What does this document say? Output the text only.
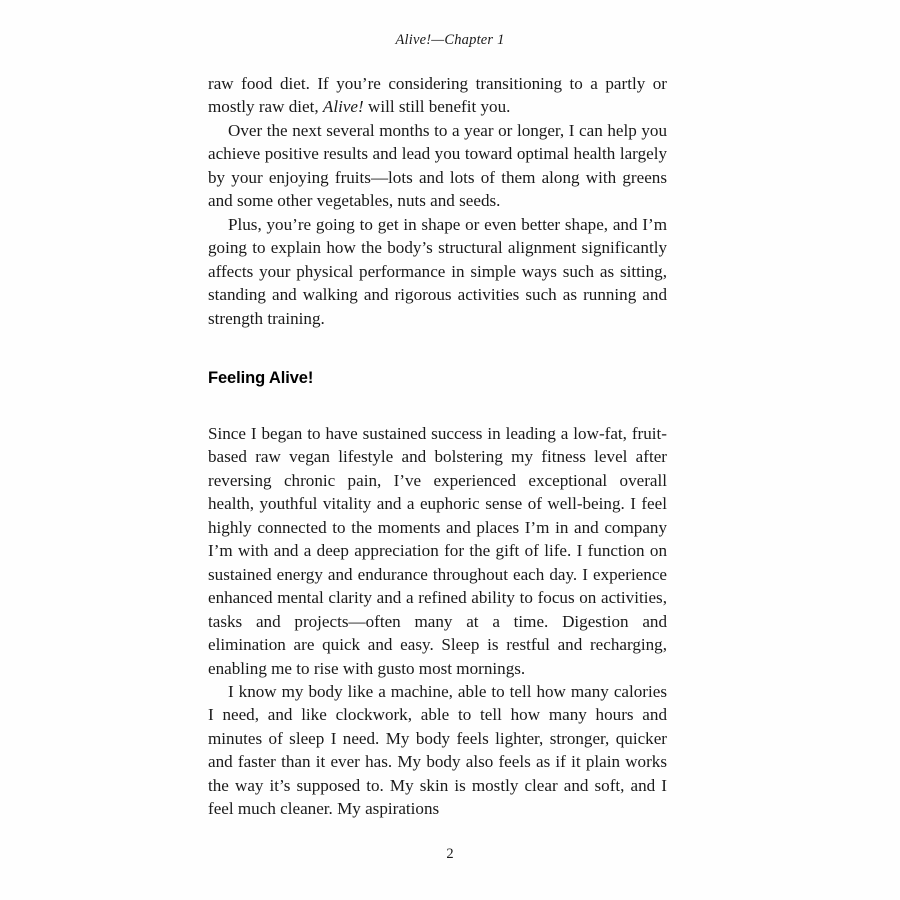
Alive!—Chapter 1

raw food diet. If you’re considering transitioning to a partly or mostly raw diet, Alive! will still benefit you.

Over the next several months to a year or longer, I can help you achieve positive results and lead you toward optimal health largely by your enjoying fruits—lots and lots of them along with greens and some other vegetables, nuts and seeds.

Plus, you’re going to get in shape or even better shape, and I’m going to explain how the body’s structural alignment significantly affects your physical performance in simple ways such as sitting, standing and walking and rigorous activities such as running and strength training.

Feeling Alive!

Since I began to have sustained success in leading a low-fat, fruit-based raw vegan lifestyle and bolstering my fitness level after reversing chronic pain, I’ve experienced exceptional overall health, youthful vitality and a euphoric sense of well-being. I feel highly connected to the moments and places I’m in and company I’m with and a deep appreciation for the gift of life. I function on sustained energy and endurance throughout each day. I experience enhanced mental clarity and a refined ability to focus on activities, tasks and projects—often many at a time. Digestion and elimination are quick and easy. Sleep is restful and recharging, enabling me to rise with gusto most mornings.

I know my body like a machine, able to tell how many calories I need, and like clockwork, able to tell how many hours and minutes of sleep I need. My body feels lighter, stronger, quicker and faster than it ever has. My body also feels as if it plain works the way it’s supposed to. My skin is mostly clear and soft, and I feel much cleaner. My aspirations

2
